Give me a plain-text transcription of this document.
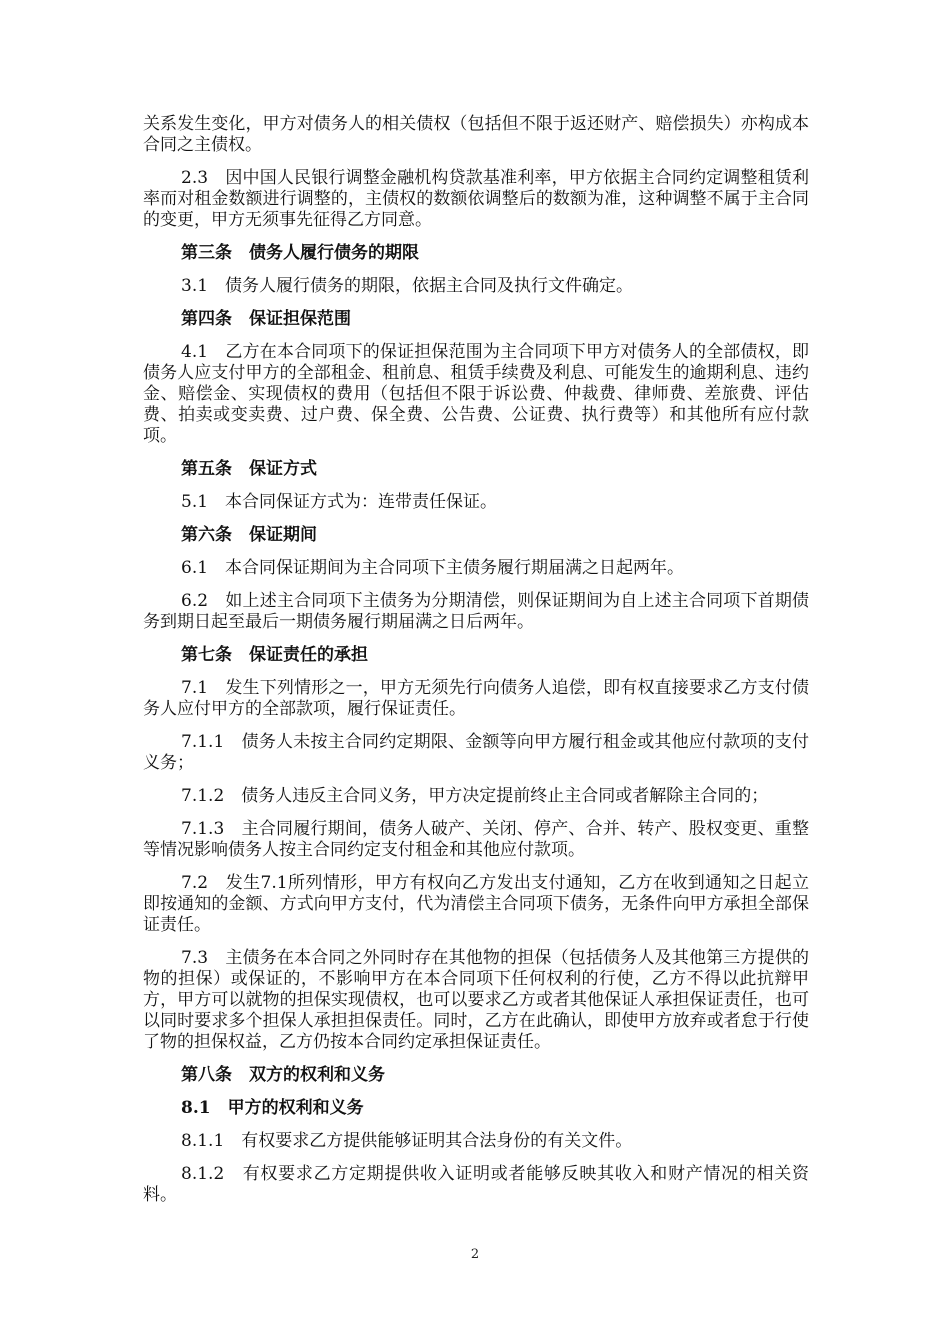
关系发生变化，甲方对债务人的相关债权（包括但不限于返还财产、赔偿损失）亦构成本合同之主债权。

2.3　因中国人民银行调整金融机构贷款基准利率，甲方依据主合同约定调整租赁利率而对租金数额进行调整的，主债权的数额依调整后的数额为准，这种调整不属于主合同的变更，甲方无须事先征得乙方同意。

第三条　债务人履行债务的期限

3.1　债务人履行债务的期限，依据主合同及执行文件确定。

第四条　保证担保范围

4.1　乙方在本合同项下的保证担保范围为主合同项下甲方对债务人的全部债权，即债务人应支付甲方的全部租金、租前息、租赁手续费及利息、可能发生的逾期利息、违约金、赔偿金、实现债权的费用（包括但不限于诉讼费、仲裁费、律师费、差旅费、评估费、拍卖或变卖费、过户费、保全费、公告费、公证费、执行费等）和其他所有应付款项。

第五条　保证方式

5.1　本合同保证方式为：连带责任保证。

第六条　保证期间

6.1　本合同保证期间为主合同项下主债务履行期届满之日起两年。

6.2　如上述主合同项下主债务为分期清偿，则保证期间为自上述主合同项下首期债务到期日起至最后一期债务履行期届满之日后两年。

第七条　保证责任的承担

7.1　发生下列情形之一，甲方无须先行向债务人追偿，即有权直接要求乙方支付债务人应付甲方的全部款项，履行保证责任。

7.1.1　债务人未按主合同约定期限、金额等向甲方履行租金或其他应付款项的支付义务；

7.1.2　债务人违反主合同义务，甲方决定提前终止主合同或者解除主合同的；

7.1.3　主合同履行期间，债务人破产、关闭、停产、合并、转产、股权变更、重整等情况影响债务人按主合同约定支付租金和其他应付款项。

7.2　发生7.1所列情形，甲方有权向乙方发出支付通知，乙方在收到通知之日起立即按通知的金额、方式向甲方支付，代为清偿主合同项下债务，无条件向甲方承担全部保证责任。

7.3　主债务在本合同之外同时存在其他物的担保（包括债务人及其他第三方提供的物的担保）或保证的，不影响甲方在本合同项下任何权利的行使，乙方不得以此抗辩甲方，甲方可以就物的担保实现债权，也可以要求乙方或者其他保证人承担保证责任，也可以同时要求多个担保人承担担保责任。同时，乙方在此确认，即使甲方放弃或者怠于行使了物的担保权益，乙方仍按本合同约定承担保证责任。

第八条　双方的权利和义务

8.1　甲方的权利和义务

8.1.1　有权要求乙方提供能够证明其合法身份的有关文件。

8.1.2　有权要求乙方定期提供收入证明或者能够反映其收入和财产情况的相关资料。

2
